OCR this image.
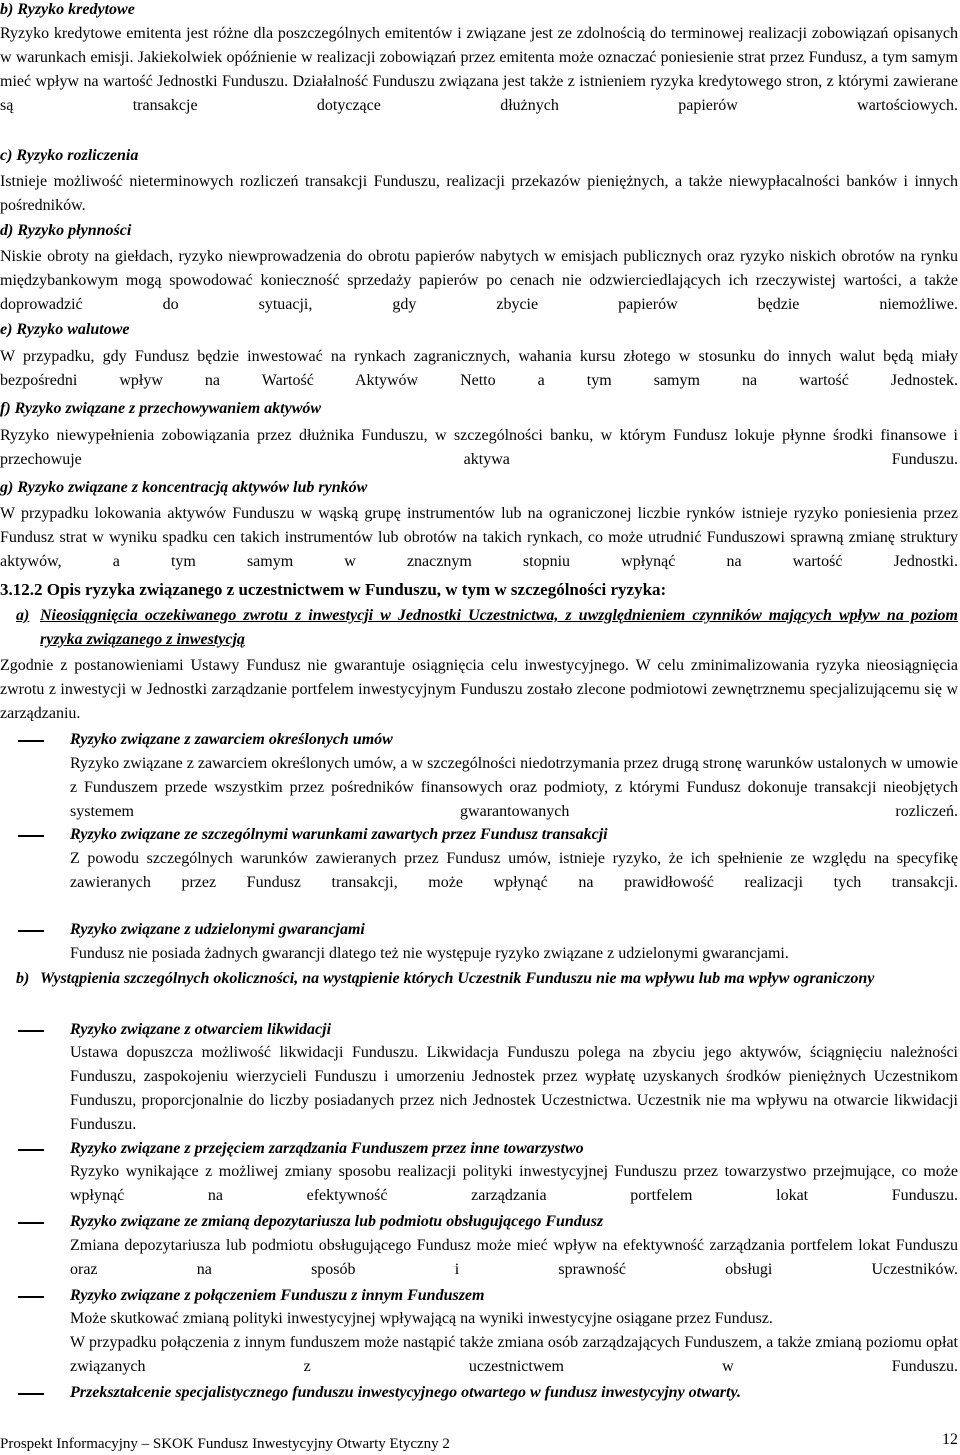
b) Ryzyko kredytowe

Ryzyko kredytowe emitenta jest różne dla poszczególnych emitentów i związane jest ze zdolnością do terminowej realizacji zobowiązań opisanych w warunkach emisji. Jakiekolwiek opóźnienie w realizacji zobowiązań przez emitenta może oznaczać poniesienie strat przez Fundusz, a tym samym mieć wpływ na wartość Jednostki Funduszu. Działalność Funduszu związana jest także z istnieniem ryzyka kredytowego stron, z którymi zawierane są transakcje dotyczące dłużnych papierów wartościowych.

c) Ryzyko rozliczenia

Istnieje możliwość nieterminowych rozliczeń transakcji Funduszu, realizacji przekazów pieniężnych, a także niewypłacalności banków i innych pośredników.

d) Ryzyko płynności

Niskie obroty na giełdach, ryzyko niewprowadzenia do obrotu papierów nabytych w emisjach publicznych oraz ryzyko niskich obrotów na rynku międzybankowym mogą spowodować konieczność sprzedaży papierów po cenach nie odzwierciedlających ich rzeczywistej wartości, a także doprowadzić do sytuacji, gdy zbycie papierów będzie niemożliwe.

e) Ryzyko walutowe

W przypadku, gdy Fundusz będzie inwestować na rynkach zagranicznych, wahania kursu złotego w stosunku do innych walut będą miały bezpośredni wpływ na Wartość Aktywów Netto a tym samym na wartość Jednostek.

f) Ryzyko związane z przechowywaniem aktywów

Ryzyko niewypełnienia zobowiązania przez dłużnika Funduszu, w szczególności banku, w którym Fundusz lokuje płynne środki finansowe i przechowuje aktywa Funduszu.

g) Ryzyko związane z koncentracją aktywów lub rynków

W przypadku lokowania aktywów Funduszu w wąską grupę instrumentów lub na ograniczonej liczbie rynków istnieje ryzyko poniesienia przez Fundusz strat w wyniku spadku cen takich instrumentów lub obrotów na takich rynkach, co może utrudnić Funduszowi sprawną zmianę struktury aktywów, a tym samym w znacznym stopniu wpłynąć na wartość Jednostki.

3.12.2 Opis ryzyka związanego z uczestnictwem w Funduszu, w tym w szczególności ryzyka:
a) Nieosiągnięcia oczekiwanego zwrotu z inwestycji w Jednostki Uczestnictwa, z uwzględnieniem czynników mających wpływ na poziom ryzyka związanego z inwestycją

Zgodnie z postanowieniami Ustawy Fundusz nie gwarantuje osiągnięcia celu inwestycyjnego. W celu zminimalizowania ryzyka nieosiągnięcia zwrotu z inwestycji w Jednostki zarządzanie portfelem inwestycyjnym Funduszu zostało zlecone podmiotowi zewnętrznemu specjalizującemu się w zarządzaniu.

Ryzyko związane z zawarciem określonych umów

Ryzyko związane z zawarciem określonych umów, a w szczególności niedotrzymania przez drugą stronę warunków ustalonych w umowie z Funduszem przede wszystkim przez pośredników finansowych oraz podmioty, z którymi Fundusz dokonuje transakcji nieobjętych systemem gwarantowanych rozliczeń.

Ryzyko związane ze szczególnymi warunkami zawartych przez Fundusz transakcji

Z powodu szczególnych warunków zawieranych przez Fundusz umów, istnieje ryzyko, że ich spełnienie ze względu na specyfikę zawieranych przez Fundusz transakcji, może wpłynąć na prawidłowość realizacji tych transakcji.

Ryzyko związane z udzielonymi gwarancjami

Fundusz nie posiada żadnych gwarancji dlatego też nie występuje ryzyko związane z udzielonymi gwarancjami.

b) Wystąpienia szczególnych okoliczności, na wystąpienie których Uczestnik Funduszu nie ma wpływu lub ma wpływ ograniczony
Ryzyko związane z otwarciem likwidacji

Ustawa dopuszcza możliwość likwidacji Funduszu. Likwidacja Funduszu polega na zbyciu jego aktywów, ściągnięciu należności Funduszu, zaspokojeniu wierzycieli Funduszu i umorzeniu Jednostek przez wypłatę uzyskanych środków pieniężnych Uczestnikom Funduszu, proporcjonalnie do liczby posiadanych przez nich Jednostek Uczestnictwa. Uczestnik nie ma wpływu na otwarcie likwidacji Funduszu.

Ryzyko związane z przejęciem zarządzania Funduszem przez inne towarzystwo

Ryzyko wynikające z możliwej zmiany sposobu realizacji polityki inwestycyjnej Funduszu przez towarzystwo przejmujące, co może wpłynąć na efektywność zarządzania portfelem lokat Funduszu.

Ryzyko związane ze zmianą depozytariusza lub podmiotu obsługującego Fundusz

Zmiana depozytariusza lub podmiotu obsługującego Fundusz może mieć wpływ na efektywność zarządzania portfelem lokat Funduszu oraz na sposób i sprawność obsługi Uczestników.

Ryzyko związane z połączeniem Funduszu z innym Funduszem

Może skutkować zmianą polityki inwestycyjnej wpływającą na wyniki inwestycyjne osiągane przez Fundusz.

W przypadku połączenia z innym funduszem może nastąpić także zmiana osób zarządzających Funduszem, a także zmianą poziomu opłat związanych z uczestnictwem w Funduszu.

Przekształcenie specjalistycznego funduszu inwestycyjnego otwartego w fundusz inwestycyjny otwarty.
Prospekt Informacyjny – SKOK Fundusz Inwestycyjny Otwarty Etyczny 2	12
